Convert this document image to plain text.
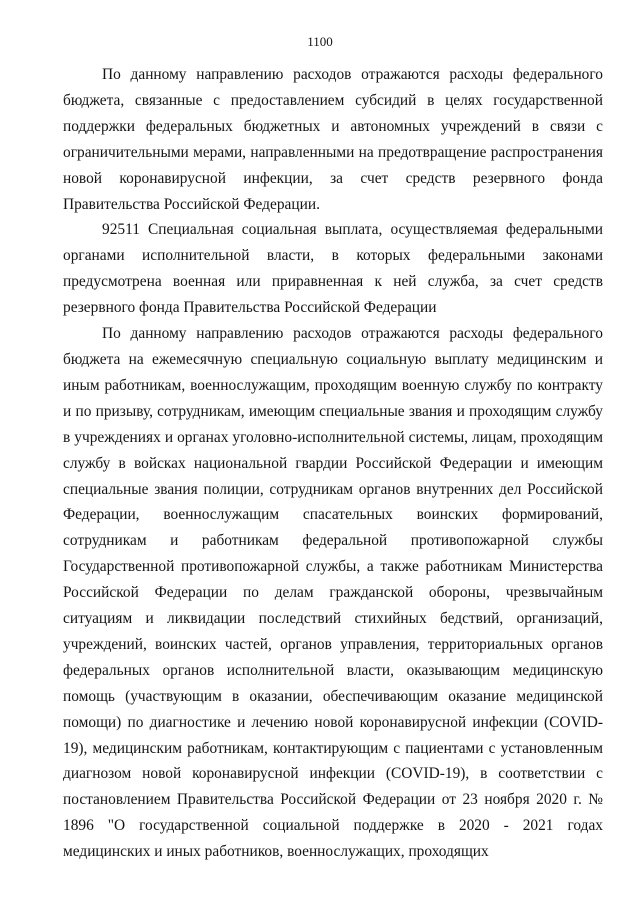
1100

По данному направлению расходов отражаются расходы федерального бюджета, связанные с предоставлением субсидий в целях государственной поддержки федеральных бюджетных и автономных учреждений в связи с ограничительными мерами, направленными на предотвращение распространения новой коронавирусной инфекции, за счет средств резервного фонда Правительства Российской Федерации.

92511 Специальная социальная выплата, осуществляемая федеральными органами исполнительной власти, в которых федеральными законами предусмотрена военная или приравненная к ней служба, за счет средств резервного фонда Правительства Российской Федерации

По данному направлению расходов отражаются расходы федерального бюджета на ежемесячную специальную социальную выплату медицинским и иным работникам, военнослужащим, проходящим военную службу по контракту и по призыву, сотрудникам, имеющим специальные звания и проходящим службу в учреждениях и органах уголовно-исполнительной системы, лицам, проходящим службу в войсках национальной гвардии Российской Федерации и имеющим специальные звания полиции, сотрудникам органов внутренних дел Российской Федерации, военнослужащим спасательных воинских формирований, сотрудникам и работникам федеральной противопожарной службы Государственной противопожарной службы, а также работникам Министерства Российской Федерации по делам гражданской обороны, чрезвычайным ситуациям и ликвидации последствий стихийных бедствий, организаций, учреждений, воинских частей, органов управления, территориальных органов федеральных органов исполнительной власти, оказывающим медицинскую помощь (участвующим в оказании, обеспечивающим оказание медицинской помощи) по диагностике и лечению новой коронавирусной инфекции (COVID-19), медицинским работникам, контактирующим с пациентами с установленным диагнозом новой коронавирусной инфекции (COVID-19), в соответствии с постановлением Правительства Российской Федерации от 23 ноября 2020 г. № 1896 "О государственной социальной поддержке в 2020 - 2021 годах медицинских и иных работников, военнослужащих, проходящих
